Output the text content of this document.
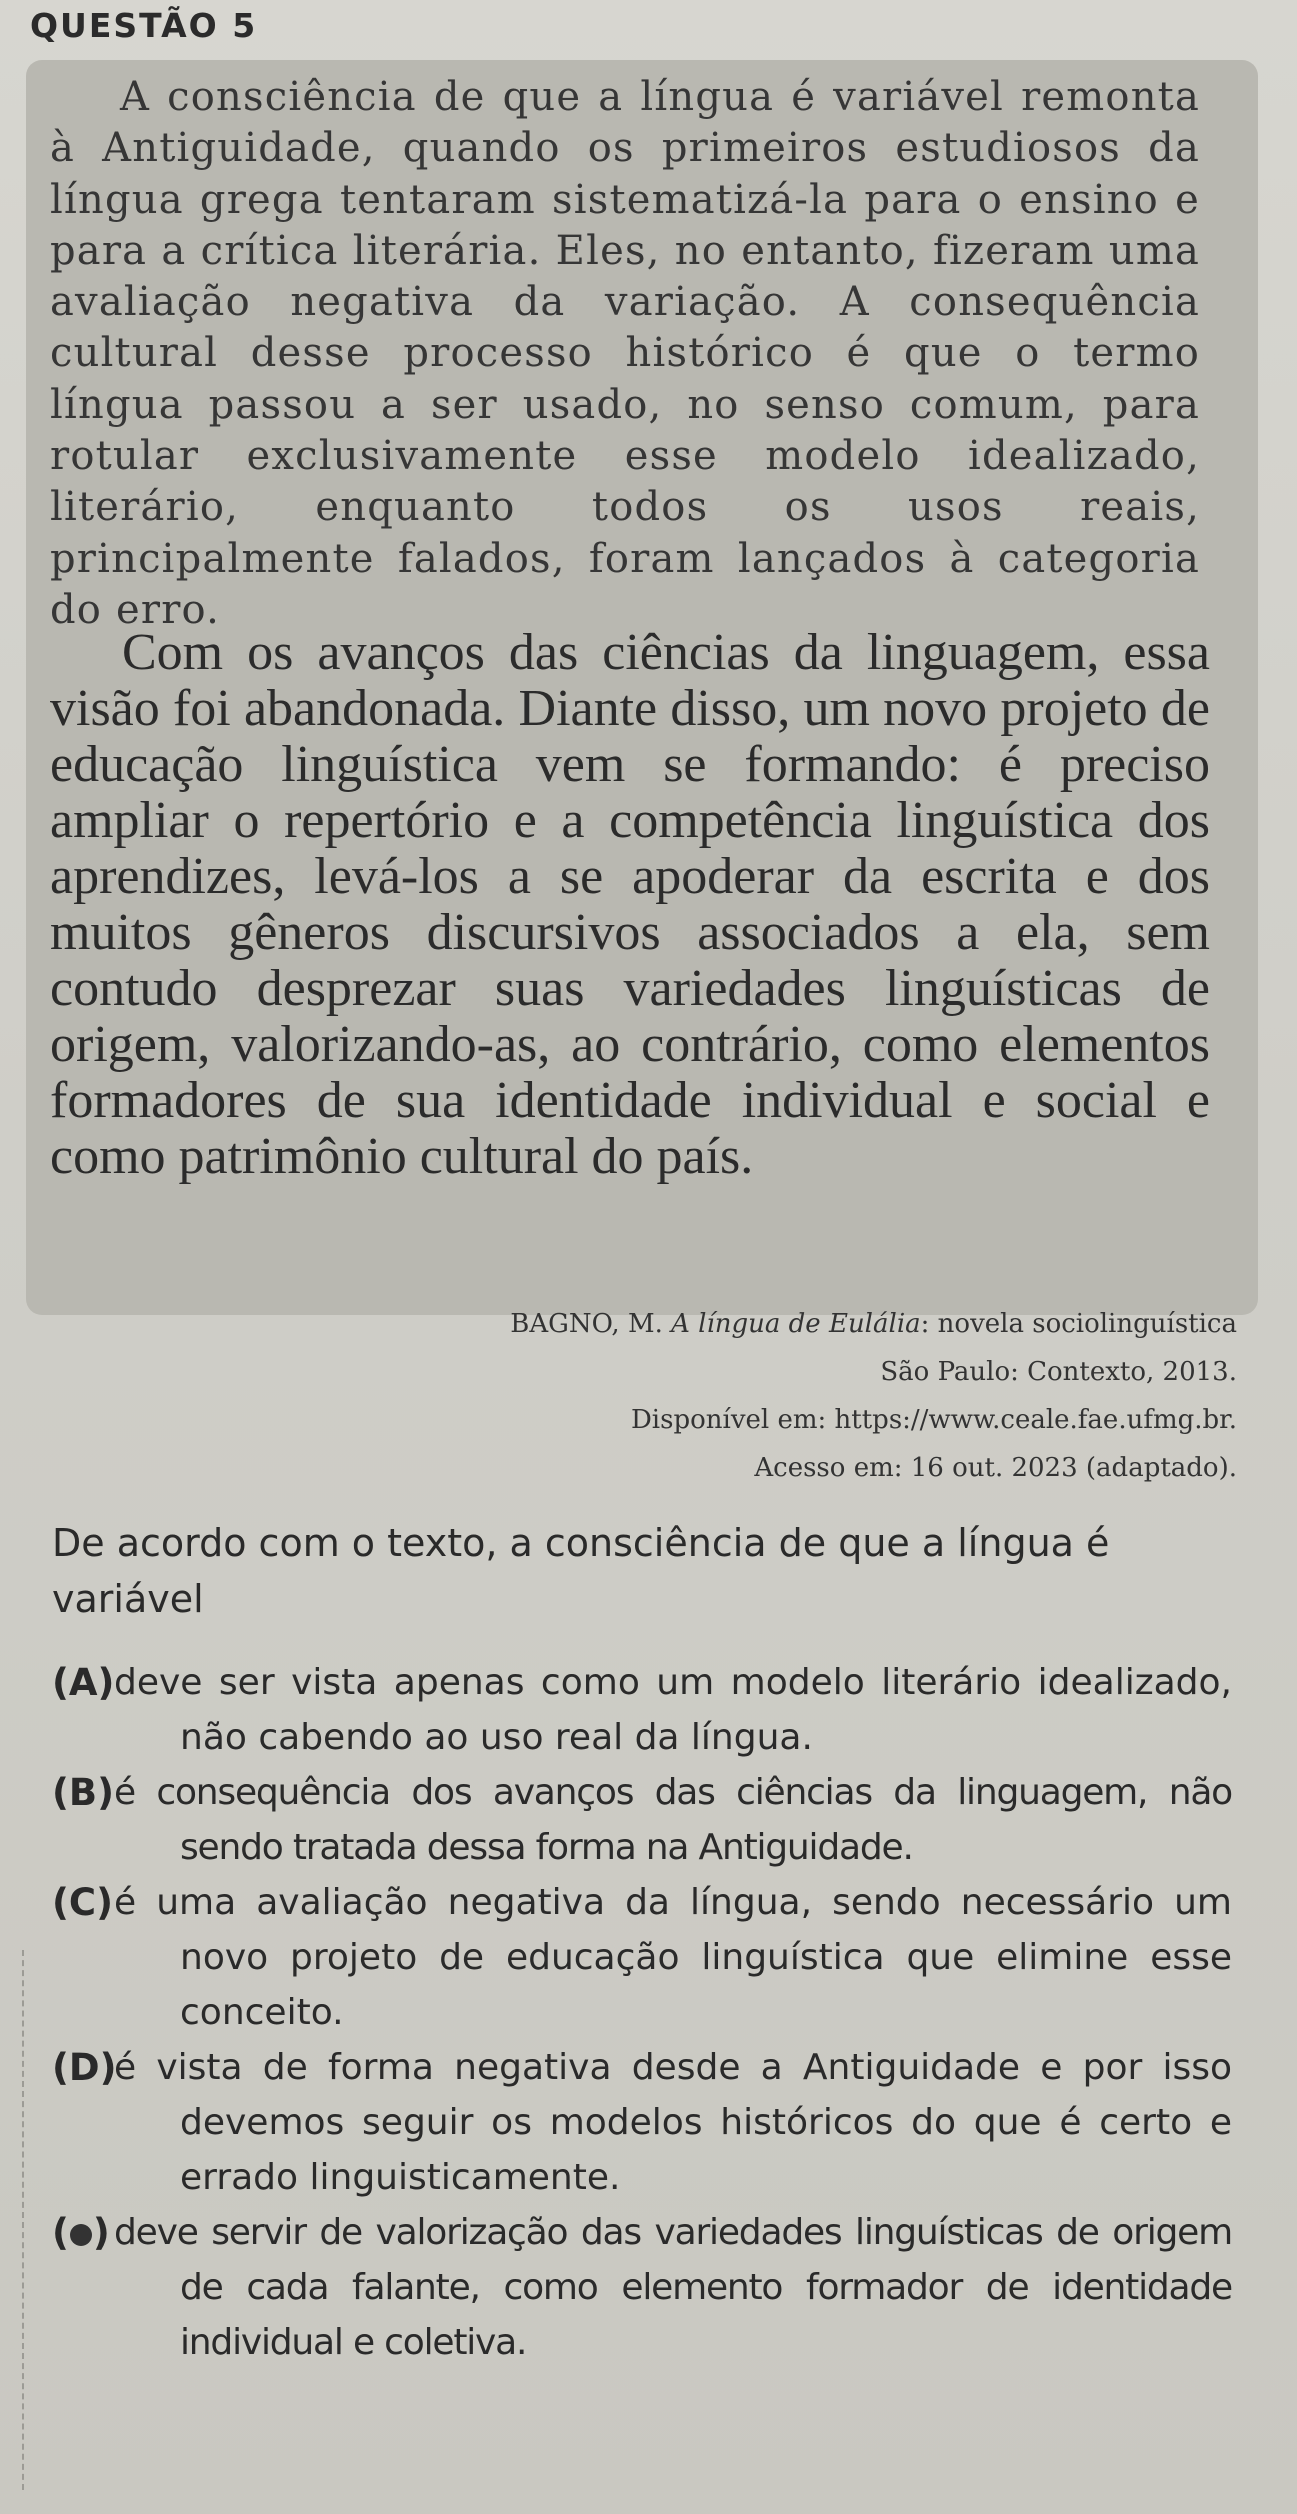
QUESTÃO 5

A consciência de que a língua é variável remonta à Antiguidade, quando os primeiros estudiosos da língua grega tentaram sistematizá-la para o ensino e para a crítica literária. Eles, no entanto, fizeram uma avaliação negativa da variação. A consequência cultural desse processo histórico é que o termo língua passou a ser usado, no senso comum, para rotular exclusivamente esse modelo idealizado, literário, enquanto todos os usos reais, principalmente falados, foram lançados à categoria do erro.

Com os avanços das ciências da linguagem, essa visão foi abandonada. Diante disso, um novo projeto de educação linguística vem se formando: é preciso ampliar o repertório e a competência linguística dos aprendizes, levá-los a se apoderar da escrita e dos muitos gêneros discursivos associados a ela, sem contudo desprezar suas variedades linguísticas de origem, valorizando-as, ao contrário, como elementos formadores de sua identidade individual e social e como patrimônio cultural do país.

BAGNO, M. A língua de Eulália: novela sociolinguística
São Paulo: Contexto, 2013.
Disponível em: https://www.ceale.fae.ufmg.br.
Acesso em: 16 out. 2023 (adaptado).
De acordo com o texto, a consciência de que a língua é variável
(A) deve ser vista apenas como um modelo literário idealizado, não cabendo ao uso real da língua.
(B) é consequência dos avanços das ciências da linguagem, não sendo tratada dessa forma na Antiguidade.
(C) é uma avaliação negativa da língua, sendo necessário um novo projeto de educação linguística que elimine esse conceito.
(D)
é vista de forma negativa desde a Antiguidade e por isso devemos seguir os modelos históricos do que é certo e errado linguisticamente.
( ) deve servir de valorização das variedades linguísticas de origem de cada falante, como elemento formador de identidade individual e coletiva.
